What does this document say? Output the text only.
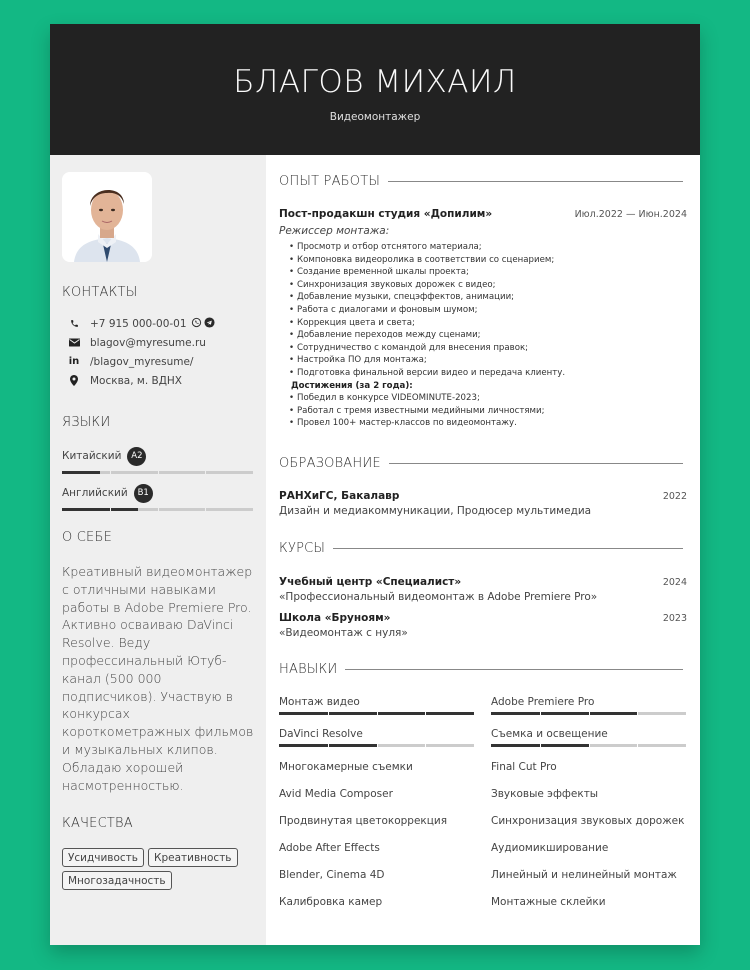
БЛАГОВ МИХАИЛ
Видеомонтажер
КОНТАКТЫ
+7 915 000-00-01
blagov@myresume.ru
in /blagov_myresume/
Москва, м. ВДНХ
ЯЗЫКИ
Китайский	A2
Английский	B1
О СЕБЕ
Креативный видеомонтажер с отличными навыками работы в Adobe Premiere Pro. Активно осваиваю DaVinci Resolve. Веду профессинальный Ютуб-канал (500 000 подписчиков). Участвую в конкурсах короткометражных фильмов и музыкальных клипов. Обладаю хорошей насмотренностью.
КАЧЕСТВА
Усидчивость	Креативность
Многозадачность
ОПЫТ РАБОТЫ
Пост-продакшн студия «Допилим»	Июл.2022 — Июн.2024
Режиссер монтажа:
• Просмотр и отбор отснятого материала;
• Компоновка видеоролика в соответствии со сценарием;
• Создание временной шкалы проекта;
• Синхронизация звуковых дорожек с видео;
• Добавление музыки, спецэффектов, анимации;
• Работа с диалогами и фоновым шумом;
• Коррекция цвета и света;
• Добавление переходов между сценами;
• Сотрудничество с командой для внесения правок;
• Настройка ПО для монтажа;
• Подготовка финальной версии видео и передача клиенту.
Достижения (за 2 года):
• Победил в конкурсе VIDEOMINUTE-2023;
• Работал с тремя известными медийными личностями;
• Провел 100+ мастер-классов по видеомонтажу.
ОБРАЗОВАНИЕ
РАНХиГС, Бакалавр	2022
Дизайн и медиакоммуникации, Продюсер мультимедиа
КУРСЫ
Учебный центр «Специалист»	2024
«Профессиональный видеомонтаж в Adobe Premiere Pro»
Школа «Бруноям»	2023
«Видеомонтаж с нуля»
НАВЫКИ
Монтаж видео	Adobe Premiere Pro
DaVinci Resolve	Съемка и освещение
Многокамерные съемки	Final Cut Pro
Avid Media Composer	Звуковые эффекты
Продвинутая цветокоррекция	Синхронизация звуковых дорожек
Adobe After Effects	Аудиомикширование
Blender, Cinema 4D	Линейный и нелинейный монтаж
Калибровка камер	Монтажные склейки
